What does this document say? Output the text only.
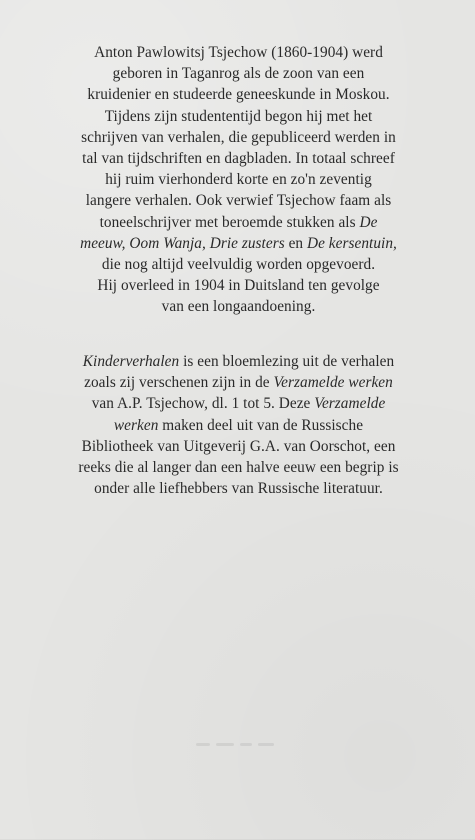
Anton Pawlowitsj Tsjechow (1860-1904) werd
geboren in Taganrog als de zoon van een
kruidenier en studeerde geneeskunde in Moskou.
Tijdens zijn studententijd begon hij met het
schrijven van verhalen, die gepubliceerd werden in
tal van tijdschriften en dagbladen. In totaal schreef
hij ruim vierhonderd korte en zo'n zeventig
langere verhalen. Ook verwief Tsjechow faam als
toneelschrijver met beroemde stukken als De
meeuw, Oom Wanja, Drie zusters en De kersentuin,
die nog altijd veelvuldig worden opgevoerd.
Hij overleed in 1904 in Duitsland ten gevolge
van een longaandoening.
Kinderverhalen is een bloemlezing uit de verhalen
zoals zij verschenen zijn in de Verzamelde werken
van A.P. Tsjechow, dl. 1 tot 5. Deze Verzamelde
werken maken deel uit van de Russische
Bibliotheek van Uitgeverij G.A. van Oorschot, een
reeks die al langer dan een halve eeuw een begrip is
onder alle liefhebbers van Russische literatuur.
